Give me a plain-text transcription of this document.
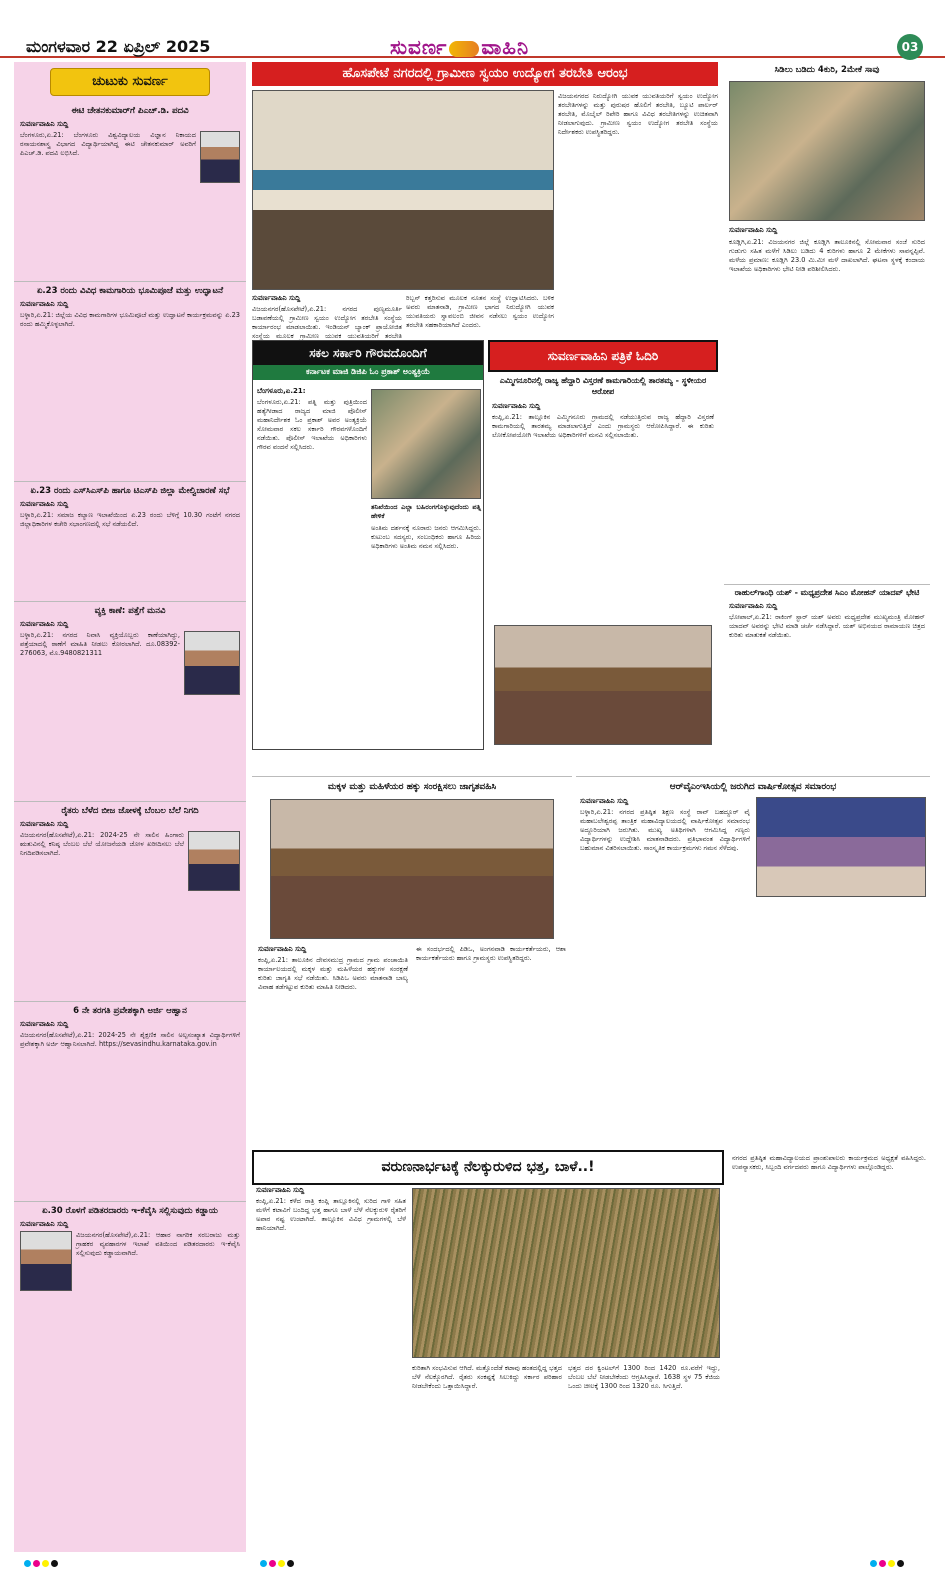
ಮಂಗಳವಾರ 22 ಏಪ್ರಿಲ್ 2025	ಸುವರ್ಣ ವಾಹಿನಿ	03
ಚುಟುಕು ಸುವರ್ಣ
ಈಟಿ ಚೇತನಕುಮಾರ್‌ಗೆ ಪಿಎಚ್.ಡಿ. ಪದವಿ
ಸುವರ್ಣವಾಹಿನಿ ಸುದ್ದಿ
ಬೆಂಗಳೂರು,ಏ.21: ಬೆಂಗಳೂರು ವಿಶ್ವವಿದ್ಯಾಲಯ ವಿಜ್ಞಾನ ನಿಕಾಯದ ರಸಾಯನಶಾಸ್ತ್ರ ವಿಭಾಗದ ವಿದ್ಯಾರ್ಥಿಯಾಗಿದ್ದ ಈಟಿ ಚೇತನಕುಮಾರ್ ಅವರಿಗೆ ಪಿಎಚ್.ಡಿ. ಪದವಿ ಲಭಿಸಿದೆ.
ಏ.23 ರಂದು ವಿವಿಧ ಕಾಮಗಾರಿಯ ಭೂಮಿಪೂಜೆ ಮತ್ತು ಉದ್ಘಾಟನೆ
ಸುವರ್ಣವಾಹಿನಿ ಸುದ್ದಿ
ಬಳ್ಳಾರಿ,ಏ.21: ಜಿಲ್ಲೆಯ ವಿವಿಧ ಕಾಮಗಾರಿಗಳ ಭೂಮಿಪೂಜೆ ಮತ್ತು ಉದ್ಘಾಟನೆ ಕಾರ್ಯಕ್ರಮವನ್ನು ಏ.23 ರಂದು ಹಮ್ಮಿಕೊಳ್ಳಲಾಗಿದೆ.
ಏ.23 ರಂದು ಎಸ್‌ಸಿಎಸ್‌ಪಿ ಹಾಗೂ ಟಿಎಸ್‌ಪಿ ಜಿಲ್ಲಾ ಮೇಲ್ವಿಚಾರಣೆ ಸಭೆ
ಸುವರ್ಣವಾಹಿನಿ ಸುದ್ದಿ
ಬಳ್ಳಾರಿ,ಏ.21: ಸಮಾಜ ಕಲ್ಯಾಣ ಇಲಾಖೆಯಿಂದ ಏ.23 ರಂದು ಬೆಳಿಗ್ಗೆ 10.30 ಗಂಟೆಗೆ ನಗರದ ಜಿಲ್ಲಾಧಿಕಾರಿಗಳ ಕಚೇರಿ ಸಭಾಂಗಣದಲ್ಲಿ ಸಭೆ ನಡೆಯಲಿದೆ.
ವ್ಯಕ್ತಿ ಕಾಣೆ: ಪತ್ತೆಗೆ ಮನವಿ
ಸುವರ್ಣವಾಹಿನಿ ಸುದ್ದಿ
ಬಳ್ಳಾರಿ,ಏ.21: ನಗರದ ನಿವಾಸಿ ವ್ಯಕ್ತಿಯೊಬ್ಬರು ಕಾಣೆಯಾಗಿದ್ದು, ಪತ್ತೆಯಾದಲ್ಲಿ ಠಾಣೆಗೆ ಮಾಹಿತಿ ನೀಡಲು ಕೋರಲಾಗಿದೆ. ದೂ.08392-276063, ಮೊ.9480821311
ರೈತರು ಬೆಳೆದ ಬೀಜ ಜೋಳಕ್ಕೆ ಬೆಂಬಲ ಬೆಲೆ ನಿಗದಿ
ಸುವರ್ಣವಾಹಿನಿ ಸುದ್ದಿ
ವಿಜಯನಗರ(ಹೊಸಪೇಟೆ),ಏ.21: 2024-25 ನೇ ಸಾಲಿನ ಹಿಂಗಾರು ಋತುವಿನಲ್ಲಿ ಕನಿಷ್ಠ ಬೆಂಬಲ ಬೆಲೆ ಯೋಜನೆಯಡಿ ಜೋಳ ಖರೀದಿಸಲು ಬೆಲೆ ನಿಗದಿಪಡಿಸಲಾಗಿದೆ.
6 ನೇ ತರಗತಿ ಪ್ರವೇಶಕ್ಕಾಗಿ ಅರ್ಜಿ ಆಹ್ವಾನ
ಸುವರ್ಣವಾಹಿನಿ ಸುದ್ದಿ
ವಿಜಯನಗರ(ಹೊಸಪೇಟೆ),ಏ.21: 2024-25 ನೇ ಶೈಕ್ಷಣಿಕ ಸಾಲಿನ ಅಲ್ಪಸಂಖ್ಯಾತ ವಿದ್ಯಾರ್ಥಿಗಳಿಗೆ ಪ್ರವೇಶಕ್ಕಾಗಿ ಅರ್ಜಿ ಆಹ್ವಾನಿಸಲಾಗಿದೆ. https://sevasindhu.karnataka.gov.in
ಏ.30 ರೊಳಗೆ ಪಡಿತರದಾರರು ಇ-ಕೆವೈಸಿ ಸಲ್ಲಿಸುವುದು ಕಡ್ಡಾಯ
ಸುವರ್ಣವಾಹಿನಿ ಸುದ್ದಿ
ವಿಜಯನಗರ(ಹೊಸಪೇಟೆ),ಏ.21: ಆಹಾರ ನಾಗರಿಕ ಸರಬರಾಜು ಮತ್ತು ಗ್ರಾಹಕರ ವ್ಯವಹಾರಗಳ ಇಲಾಖೆ ವತಿಯಿಂದ ಪಡಿತರದಾರರು ಇ-ಕೆವೈಸಿ ಸಲ್ಲಿಸುವುದು ಕಡ್ಡಾಯವಾಗಿದೆ.
ಹೊಸಪೇಟೆ ನಗರದಲ್ಲಿ ಗ್ರಾಮೀಣ ಸ್ವಯಂ ಉದ್ಯೋಗ ತರಬೇತಿ ಆರಂಭ
ವಿಜಯನಗರದ ನಿರುದ್ಯೋಗಿ ಯುವಕ ಯುವತಿಯರಿಗೆ ಸ್ವಯಂ ಉದ್ಯೋಗ ತರಬೇತಿಗಳನ್ನು ಮತ್ತು ಪುರುಷರ ಹೊಲಿಗೆ ತರಬೇತಿ, ಬ್ಯೂಟಿ ಪಾರ್ಲರ್ ತರಬೇತಿ, ಮೊಬೈಲ್ ರಿಪೇರಿ ಹಾಗೂ ವಿವಿಧ ತರಬೇತಿಗಳನ್ನು ಉಚಿತವಾಗಿ ನೀಡಲಾಗುವುದು. ಗ್ರಾಮೀಣ ಸ್ವಯಂ ಉದ್ಯೋಗ ತರಬೇತಿ ಸಂಸ್ಥೆಯ ನಿರ್ದೇಶಕರು ಉಪಸ್ಥಿತರಿದ್ದರು.
ಸುವರ್ಣವಾಹಿನಿ ಸುದ್ದಿ
ವಿಜಯನಗರ(ಹೊಸಪೇಟೆ),ಏ.21: ನಗರದ ಪುಣ್ಯಮೂರ್ತಿ ಬಡಾವಣೆಯಲ್ಲಿ ಗ್ರಾಮೀಣ ಸ್ವಯಂ ಉದ್ಯೋಗ ತರಬೇತಿ ಸಂಸ್ಥೆಯ ಕಾರ್ಯಾರಂಭ ಮಾಡಲಾಯಿತು. ಇಂಡಿಯನ್ ಬ್ಯಾಂಕ್ ಪ್ರಾಯೋಜಿತ ಸಂಸ್ಥೆಯ ಮೂಲಕ ಗ್ರಾಮೀಣ ಯುವಕ ಯುವತಿಯರಿಗೆ ತರಬೇತಿ
ರಿಬ್ಬನ್ ಕತ್ತರಿಸುವ ಮೂಲಕ ನೂತನ ಸಂಸ್ಥೆ ಉದ್ಘಾಟಿಸಿದರು. ಬಳಿಕ ಅವರು ಮಾತನಾಡಿ, ಗ್ರಾಮೀಣ ಭಾಗದ ನಿರುದ್ಯೋಗಿ ಯುವಕ ಯುವತಿಯರು ಸ್ವಾವಲಂಬಿ ಜೀವನ ನಡೆಸಲು ಸ್ವಯಂ ಉದ್ಯೋಗ ತರಬೇತಿ ಸಹಕಾರಿಯಾಗಿದೆ ಎಂದರು.
ಸಿಡಿಲು ಬಡಿದು 4ಕುರಿ, 2ಮೇಕೆ ಸಾವು
ಸುವರ್ಣವಾಹಿನಿ ಸುದ್ದಿ
ಕೂಡ್ಲಿಗಿ,ಏ.21: ವಿಜಯನಗರ ಜಿಲ್ಲೆ ಕೂಡ್ಲಿಗಿ ತಾಲೂಕಿನಲ್ಲಿ ಸೋಮವಾರ ಸಂಜೆ ಸುರಿದ ಗುಡುಗು ಸಹಿತ ಮಳೆಗೆ ಸಿಡಿಲು ಬಡಿದು 4 ಕುರಿಗಳು ಹಾಗೂ 2 ಮೇಕೆಗಳು ಸಾವನ್ನಪ್ಪಿವೆ. ಮಳೆಯ ಪ್ರಮಾಣ: ಕೂಡ್ಲಿಗಿ 23.0 ಮಿ.ಮೀ ಮಳೆ ದಾಖಲಾಗಿದೆ. ಘಟನಾ ಸ್ಥಳಕ್ಕೆ ಕಂದಾಯ ಇಲಾಖೆಯ ಅಧಿಕಾರಿಗಳು ಭೇಟಿ ನೀಡಿ ಪರಿಶೀಲಿಸಿದರು.
ಸಕಲ ಸರ್ಕಾರಿ ಗೌರವದೊಂದಿಗೆ
ಕರ್ನಾಟಕ ಮಾಜಿ ಡಿಜಿಪಿ ಓಂ ಪ್ರಕಾಶ್ ಅಂತ್ಯಕ್ರಿಯೆ
ಬೆಂಗಳೂರು,ಏ.21:
ಬೆಂಗಳೂರು,ಏ.21: ಪತ್ನಿ ಮತ್ತು ಪುತ್ರಿಯಿಂದ ಹತ್ಯೆಗೀಡಾದ ರಾಜ್ಯದ ಮಾಜಿ ಪೊಲೀಸ್ ಮಹಾನಿರ್ದೇಶಕ ಓಂ ಪ್ರಕಾಶ್ ಅವರ ಅಂತ್ಯಕ್ರಿಯೆ ಸೋಮವಾರ ಸಕಲ ಸರ್ಕಾರಿ ಗೌರವಗಳೊಂದಿಗೆ ನಡೆಯಿತು. ಪೊಲೀಸ್ ಇಲಾಖೆಯ ಅಧಿಕಾರಿಗಳು ಗೌರವ ವಂದನೆ ಸಲ್ಲಿಸಿದರು.
ತನಿಖೆಯಿಂದ ಎಲ್ಲಾ ಬಹಿರಂಗಗೊಳ್ಳುವುದೆಂದು ಪತ್ನಿ ಹೇಳಿಕೆ
ಅಂತಿಮ ದರ್ಶನಕ್ಕೆ ನೂರಾರು ಜನರು ಆಗಮಿಸಿದ್ದರು. ಕುಟುಂಬ ಸದಸ್ಯರು, ಸಂಬಂಧಿಕರು ಹಾಗೂ ಹಿರಿಯ ಅಧಿಕಾರಿಗಳು ಅಂತಿಮ ನಮನ ಸಲ್ಲಿಸಿದರು.
ಸುವರ್ಣವಾಹಿನಿ ಪತ್ರಿಕೆ ಓದಿರಿ
ಎಮ್ಮಿಗನೂರಿನಲ್ಲಿ ರಾಜ್ಯ ಹೆದ್ದಾರಿ ವಿಸ್ತರಣೆ ಕಾಮಗಾರಿಯಲ್ಲಿ ತಾರತಮ್ಯ - ಸ್ಥಳೀಯರ ಆರೋಪ
ಸುವರ್ಣವಾಹಿನಿ ಸುದ್ದಿ
ಕಂಪ್ಲಿ,ಏ.21: ತಾಲ್ಲೂಕಿನ ಎಮ್ಮಿಗನೂರು ಗ್ರಾಮದಲ್ಲಿ ನಡೆಯುತ್ತಿರುವ ರಾಜ್ಯ ಹೆದ್ದಾರಿ ವಿಸ್ತರಣೆ ಕಾಮಗಾರಿಯಲ್ಲಿ ತಾರತಮ್ಯ ಮಾಡಲಾಗುತ್ತಿದೆ ಎಂದು ಗ್ರಾಮಸ್ಥರು ಆರೋಪಿಸಿದ್ದಾರೆ. ಈ ಕುರಿತು ಲೋಕೋಪಯೋಗಿ ಇಲಾಖೆಯ ಅಧಿಕಾರಿಗಳಿಗೆ ಮನವಿ ಸಲ್ಲಿಸಲಾಯಿತು.
ರಾಹುಲ್‌ಗಾಂಧಿ ಯಶ್ - ಮಧ್ಯಪ್ರದೇಶ ಸಿಎಂ ಮೋಹನ್ ಯಾದವ್ ಭೇಟಿ
ಸುವರ್ಣವಾಹಿನಿ ಸುದ್ದಿ
ಭೋಪಾಲ್,ಏ.21: ರಾಕಿಂಗ್ ಸ್ಟಾರ್ ಯಶ್ ಅವರು ಮಧ್ಯಪ್ರದೇಶ ಮುಖ್ಯಮಂತ್ರಿ ಮೋಹನ್ ಯಾದವ್ ಅವರನ್ನು ಭೇಟಿ ಮಾಡಿ ಚರ್ಚೆ ನಡೆಸಿದ್ದಾರೆ. ಯಶ್ ಅಭಿನಯದ ರಾಮಾಯಣ ಚಿತ್ರದ ಕುರಿತು ಮಾತುಕತೆ ನಡೆಯಿತು.
ಮಕ್ಕಳ ಮತ್ತು ಮಹಿಳೆಯರ ಹಕ್ಕು ಸಂರಕ್ಷಿಸಲು ಜಾಗೃತವಹಿಸಿ
ಸುವರ್ಣವಾಹಿನಿ ಸುದ್ದಿ
ಕಂಪ್ಲಿ,ಏ.21: ತಾಲೂಕಿನ ದೇವಸಮುದ್ರ ಗ್ರಾಮದ ಗ್ರಾಮ ಪಂಚಾಯಿತಿ ಕಾರ್ಯಾಲಯದಲ್ಲಿ ಮಕ್ಕಳ ಮತ್ತು ಮಹಿಳೆಯರ ಹಕ್ಕುಗಳ ಸಂರಕ್ಷಣೆ ಕುರಿತು ಜಾಗೃತಿ ಸಭೆ ನಡೆಯಿತು. ಸಿಡಿಪಿಒ ಅವರು ಮಾತನಾಡಿ ಬಾಲ್ಯ ವಿವಾಹ ತಡೆಗಟ್ಟುವ ಕುರಿತು ಮಾಹಿತಿ ನೀಡಿದರು.
ಈ ಸಂದರ್ಭದಲ್ಲಿ ಪಿಡಿಒ, ಅಂಗನವಾಡಿ ಕಾರ್ಯಕರ್ತೆಯರು, ಆಶಾ ಕಾರ್ಯಕರ್ತೆಯರು ಹಾಗೂ ಗ್ರಾಮಸ್ಥರು ಉಪಸ್ಥಿತರಿದ್ದರು.
ಆರ್‌ವೈಎಂಇಸಿಯಲ್ಲಿ ಜರುಗಿದ ವಾರ್ಷಿಕೋತ್ಸವ ಸಮಾರಂಭ
ಸುವರ್ಣವಾಹಿನಿ ಸುದ್ದಿ
ಬಳ್ಳಾರಿ,ಏ.21: ನಗರದ ಪ್ರತಿಷ್ಠಿತ ಶಿಕ್ಷಣ ಸಂಸ್ಥೆ ರಾವ್ ಬಹದ್ದೂರ್ ವೈ ಮಹಾಬಲೇಶ್ವರಪ್ಪ ತಾಂತ್ರಿಕ ಮಹಾವಿದ್ಯಾಲಯದಲ್ಲಿ ವಾರ್ಷಿಕೋತ್ಸವ ಸಮಾರಂಭ ಅದ್ದೂರಿಯಾಗಿ ಜರುಗಿತು. ಮುಖ್ಯ ಅತಿಥಿಗಳಾಗಿ ಆಗಮಿಸಿದ್ದ ಗಣ್ಯರು ವಿದ್ಯಾರ್ಥಿಗಳನ್ನು ಉದ್ದೇಶಿಸಿ ಮಾತನಾಡಿದರು. ಪ್ರತಿಭಾವಂತ ವಿದ್ಯಾರ್ಥಿಗಳಿಗೆ ಬಹುಮಾನ ವಿತರಿಸಲಾಯಿತು. ಸಾಂಸ್ಕೃತಿಕ ಕಾರ್ಯಕ್ರಮಗಳು ಗಮನ ಸೆಳೆದವು.
ವರುಣನಾರ್ಭಟಕ್ಕೆ ನೆಲಕ್ಕುರುಳಿದ ಭತ್ತ, ಬಾಳೆ..!
ಸುವರ್ಣವಾಹಿನಿ ಸುದ್ದಿ
ಕಂಪ್ಲಿ,ಏ.21: ಕಳೆದ ರಾತ್ರಿ ಕಂಪ್ಲಿ ತಾಲ್ಲೂಕಿನಲ್ಲಿ ಸುರಿದ ಗಾಳಿ ಸಹಿತ ಮಳೆಗೆ ಕಟಾವಿಗೆ ಬಂದಿದ್ದ ಭತ್ತ ಹಾಗೂ ಬಾಳೆ ಬೆಳೆ ನೆಲಕ್ಕುರುಳಿ ರೈತರಿಗೆ ಅಪಾರ ನಷ್ಟ ಉಂಟಾಗಿದೆ. ತಾಲ್ಲೂಕಿನ ವಿವಿಧ ಗ್ರಾಮಗಳಲ್ಲಿ ಬೆಳೆ ಹಾನಿಯಾಗಿದೆ.
ಕುರಿತಾಗಿ ಸಂಭವಿಸುವ ಆಗಿದೆ. ಮತ್ತೊಂದೆಡೆ ಕಟಾವು ಹಂತದಲ್ಲಿದ್ದ ಭತ್ತದ ಬೆಳೆ ನೆಲಕ್ಕೊರಗಿದೆ. ರೈತರು ಸಂಕಷ್ಟಕ್ಕೆ ಸಿಲುಕಿದ್ದು ಸರ್ಕಾರ ಪರಿಹಾರ ನೀಡಬೇಕೆಂದು ಒತ್ತಾಯಿಸಿದ್ದಾರೆ.
ಭತ್ತದ ದರ ಕ್ವಿಂಟಲ್‌ಗೆ 1300 ರಿಂದ 1420 ರೂ.ವರೆಗೆ ಇದ್ದು, ಬೆಂಬಲ ಬೆಲೆ ನೀಡಬೇಕೆಂದು ಆಗ್ರಹಿಸಿದ್ದಾರೆ. 1638 ಸ್ಥಳ 75 ಕೆಜಿಯ ಒಂದು ಚೀಲಕ್ಕೆ 1300 ರಿಂದ 1320 ರೂ. ಸಿಗುತ್ತಿದೆ.
ನಗರದ ಪ್ರತಿಷ್ಠಿತ ಮಹಾವಿದ್ಯಾಲಯದ ಪ್ರಾಂಶುಪಾಲರು ಕಾರ್ಯಕ್ರಮದ ಅಧ್ಯಕ್ಷತೆ ವಹಿಸಿದ್ದರು. ಉಪನ್ಯಾಸಕರು, ಸಿಬ್ಬಂದಿ ವರ್ಗದವರು ಹಾಗೂ ವಿದ್ಯಾರ್ಥಿಗಳು ಪಾಲ್ಗೊಂಡಿದ್ದರು.
